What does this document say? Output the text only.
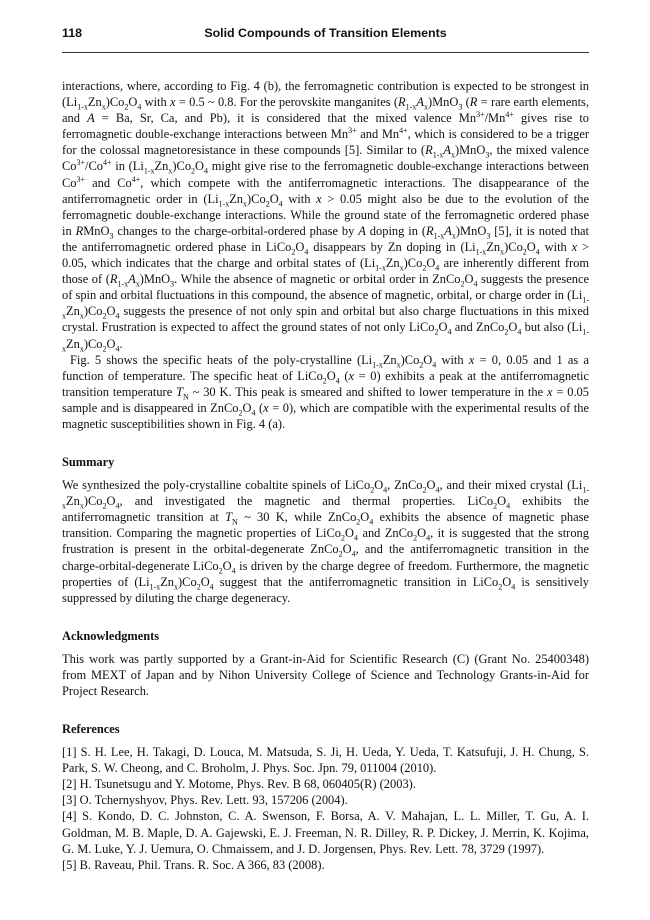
118	Solid Compounds of Transition Elements

interactions, where, according to Fig. 4 (b), the ferromagnetic contribution is expected to be strongest in $(Li_{1-x}Zn_x)Co_2O_4$ with x = 0.5 ~ 0.8. For the perovskite manganites $(R_{1-x}A_x)MnO_3$ (R = rare earth elements, and A = Ba, Sr, Ca, and Pb), it is considered that the mixed valence $Mn^{3+}/Mn^{4+}$ gives rise to ferromagnetic double-exchange interactions between $Mn^{3+}$ and $Mn^{4+}$, which is considered to be a trigger for the colossal magnetoresistance in these compounds [5]. Similar to $(R_{1-x}A_x)MnO_3$, the mixed valence $Co^{3+}/Co^{4+}$ in $(Li_{1-x}Zn_x)Co_2O_4$ might give rise to the ferromagnetic double-exchange interactions between $Co^{3+}$ and $Co^{4+}$, which compete with the antiferromagnetic interactions. The disappearance of the antiferromagnetic order in $(Li_{1-x}Zn_x)Co_2O_4$ with x > 0.05 might also be due to the evolution of the ferromagnetic double-exchange interactions. While the ground state of the ferromagnetic ordered phase in RMnO$_3$ changes to the charge-orbital-ordered phase by A doping in $(R_{1-x}A_x)MnO_3$ [5], it is noted that the antiferromagnetic ordered phase in $LiCo_2O_4$ disappears by Zn doping in $(Li_{1-x}Zn_x)Co_2O_4$ with x > 0.05, which indicates that the charge and orbital states of $(Li_{1-x}Zn_x)Co_2O_4$ are inherently different from those of $(R_{1-x}A_x)MnO_3$. While the absence of magnetic or orbital order in $ZnCo_2O_4$ suggests the presence of spin and orbital fluctuations in this compound, the absence of magnetic, orbital, or charge order in $(Li_{1-x}Zn_x)Co_2O_4$ suggests the presence of not only spin and orbital but also charge fluctuations in this mixed crystal. Frustration is expected to affect the ground states of not only $LiCo_2O_4$ and $ZnCo_2O_4$ but also $(Li_{1-x}Zn_x)Co_2O_4$.

Fig. 5 shows the specific heats of the poly-crystalline $(Li_{1-x}Zn_x)Co_2O_4$ with x = 0, 0.05 and 1 as a function of temperature. The specific heat of $LiCo_2O_4$ (x = 0) exhibits a peak at the antiferromagnetic transition temperature $T_N$ ~ 30 K. This peak is smeared and shifted to lower temperature in the x = 0.05 sample and is disappeared in $ZnCo_2O_4$ (x = 0), which are compatible with the experimental results of the magnetic susceptibilities shown in Fig. 4 (a).

Summary

We synthesized the poly-crystalline cobaltite spinels of $LiCo_2O_4$, $ZnCo_2O_4$, and their mixed crystal $(Li_{1-x}Zn_x)Co_2O_4$, and investigated the magnetic and thermal properties. $LiCo_2O_4$ exhibits the antiferromagnetic transition at $T_N$ ~ 30 K, while $ZnCo_2O_4$ exhibits the absence of magnetic phase transition. Comparing the magnetic properties of $LiCo_2O_4$ and $ZnCo_2O_4$, it is suggested that the strong frustration is present in the orbital-degenerate $ZnCo_2O_4$, and the antiferromagnetic transition in the charge-orbital-degenerate $LiCo_2O_4$ is driven by the charge degree of freedom. Furthermore, the magnetic properties of $(Li_{1-x}Zn_x)Co_2O_4$ suggest that the antiferromagnetic transition in $LiCo_2O_4$ is sensitively suppressed by diluting the charge degeneracy.

Acknowledgments

This work was partly supported by a Grant-in-Aid for Scientific Research (C) (Grant No. 25400348) from MEXT of Japan and by Nihon University College of Science and Technology Grants-in-Aid for Project Research.

References

[1] S. H. Lee, H. Takagi, D. Louca, M. Matsuda, S. Ji, H. Ueda, Y. Ueda, T. Katsufuji, J. H. Chung, S. Park, S. W. Cheong, and C. Broholm, J. Phys. Soc. Jpn. 79, 011004 (2010).

[2] H. Tsunetsugu and Y. Motome, Phys. Rev. B 68, 060405(R) (2003).

[3] O. Tchernyshyov, Phys. Rev. Lett. 93, 157206 (2004).

[4] S. Kondo, D. C. Johnston, C. A. Swenson, F. Borsa, A. V. Mahajan, L. L. Miller, T. Gu, A. I. Goldman, M. B. Maple, D. A. Gajewski, E. J. Freeman, N. R. Dilley, R. P. Dickey, J. Merrin, K. Kojima, G. M. Luke, Y. J. Uemura, O. Chmaissem, and J. D. Jorgensen, Phys. Rev. Lett. 78, 3729 (1997).

[5] B. Raveau, Phil. Trans. R. Soc. A 366, 83 (2008).
